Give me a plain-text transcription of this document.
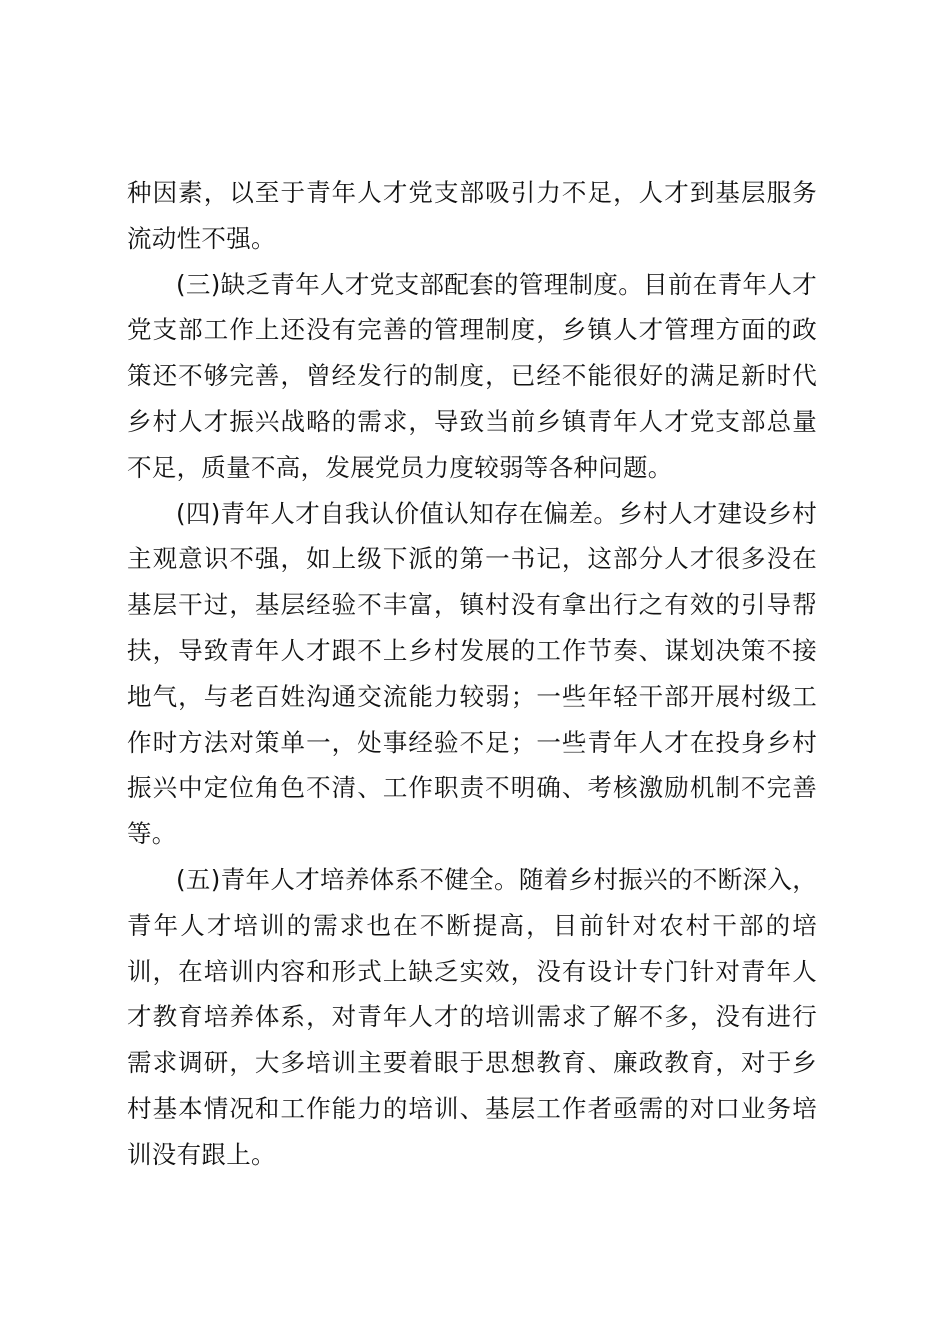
种因素，以至于青年人才党支部吸引力不足，人才到基层服务流动性不强。

(三)缺乏青年人才党支部配套的管理制度。目前在青年人才党支部工作上还没有完善的管理制度，乡镇人才管理方面的政策还不够完善，曾经发行的制度，已经不能很好的满足新时代乡村人才振兴战略的需求，导致当前乡镇青年人才党支部总量不足，质量不高，发展党员力度较弱等各种问题。

(四)青年人才自我认价值认知存在偏差。乡村人才建设乡村主观意识不强，如上级下派的第一书记，这部分人才很多没在基层干过，基层经验不丰富，镇村没有拿出行之有效的引导帮扶，导致青年人才跟不上乡村发展的工作节奏、谋划决策不接地气，与老百姓沟通交流能力较弱；一些年轻干部开展村级工作时方法对策单一，处事经验不足；一些青年人才在投身乡村振兴中定位角色不清、工作职责不明确、考核激励机制不完善等。

(五)青年人才培养体系不健全。随着乡村振兴的不断深入，青年人才培训的需求也在不断提高，目前针对农村干部的培训，在培训内容和形式上缺乏实效，没有设计专门针对青年人才教育培养体系，对青年人才的培训需求了解不多，没有进行需求调研，大多培训主要着眼于思想教育、廉政教育，对于乡村基本情况和工作能力的培训、基层工作者亟需的对口业务培训没有跟上。
